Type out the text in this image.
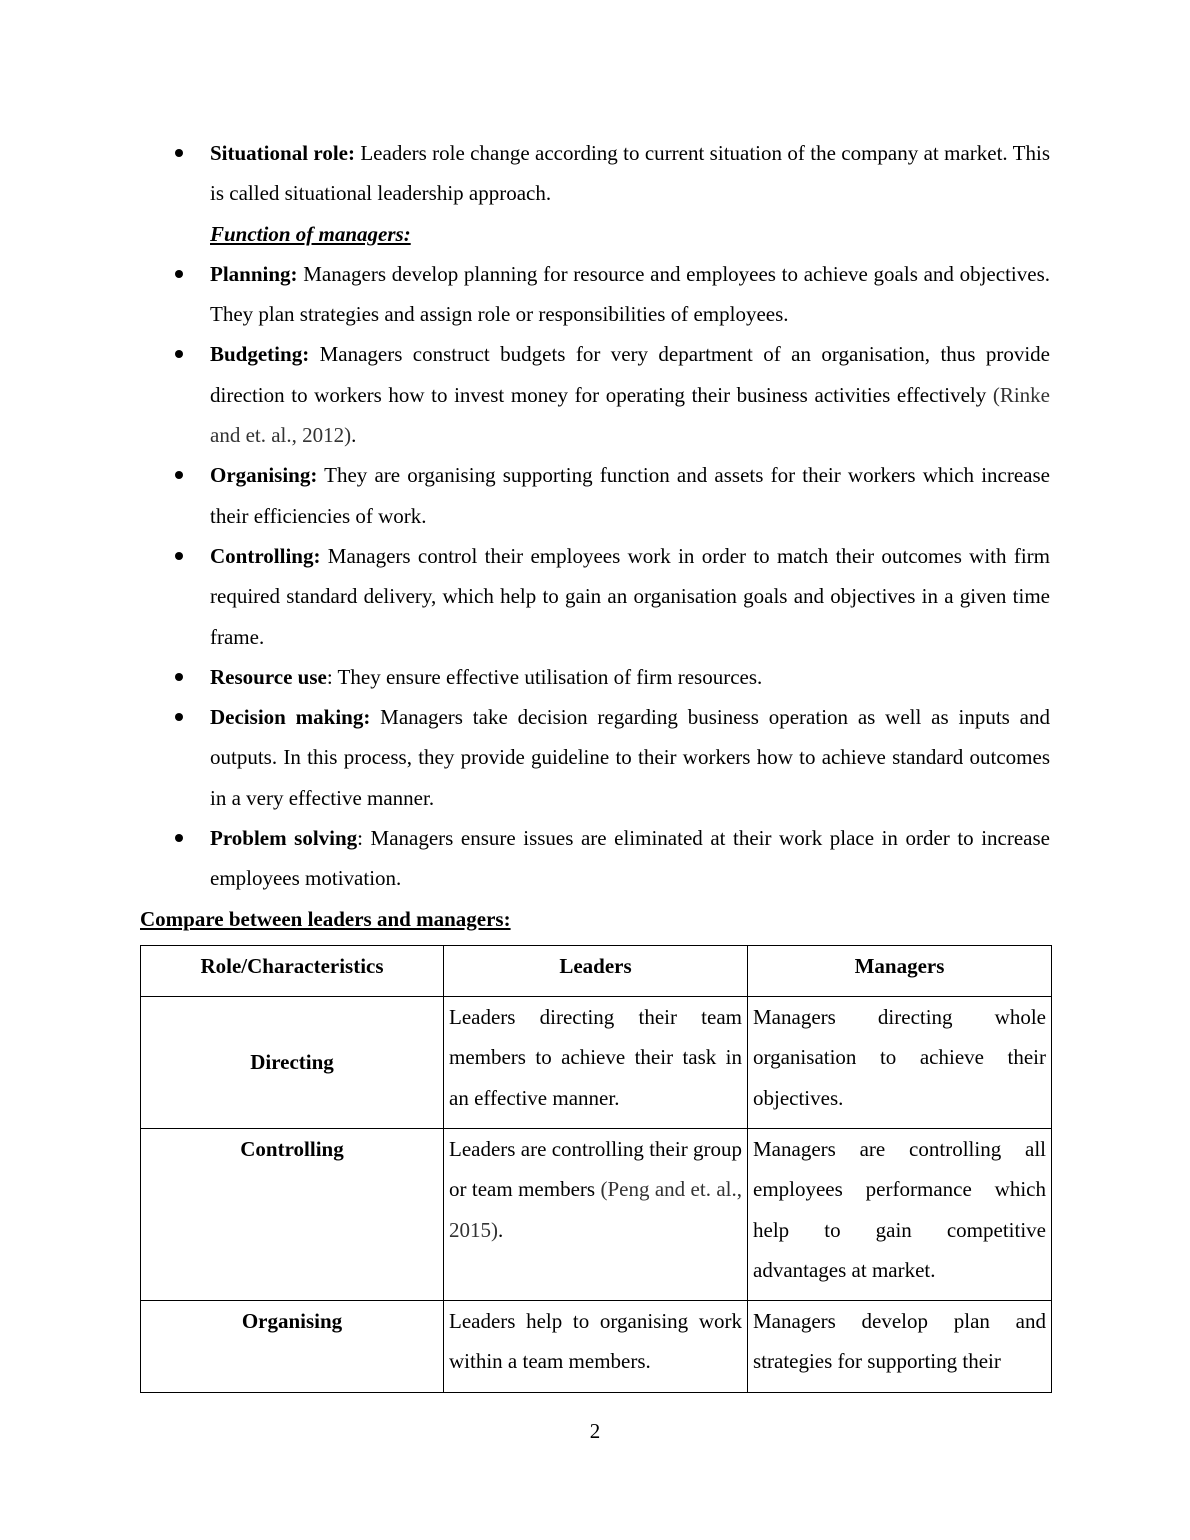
Situational role: Leaders role change according to current situation of the company at market. This is called situational leadership approach.
Function of managers:
Planning: Managers develop planning for resource and employees to achieve goals and objectives. They plan strategies and assign role or responsibilities of employees.
Budgeting: Managers construct budgets for very department of an organisation, thus provide direction to workers how to invest money for operating their business activities effectively (Rinke and et. al., 2012).
Organising: They are organising supporting function and assets for their workers which increase their efficiencies of work.
Controlling: Managers control their employees work in order to match their outcomes with firm required standard delivery, which help to gain an organisation goals and objectives in a given time frame.
Resource use: They ensure effective utilisation of firm resources.
Decision making: Managers take decision regarding business operation as well as inputs and outputs. In this process, they provide guideline to their workers how to achieve standard outcomes in a very effective manner.
Problem solving: Managers ensure issues are eliminated at their work place in order to increase employees motivation.
Compare between leaders and managers:
Role/Characteristics	Leaders	Managers
Directing	Leaders directing their team members to achieve their task in an effective manner.	Managers directing whole organisation to achieve their objectives.
Controlling	Leaders are controlling their group or team members (Peng and et. al., 2015).	Managers are controlling all employees performance which help to gain competitive advantages at market.
Organising	Leaders help to organising work within a team members.	Managers develop plan and strategies for supporting their
2
